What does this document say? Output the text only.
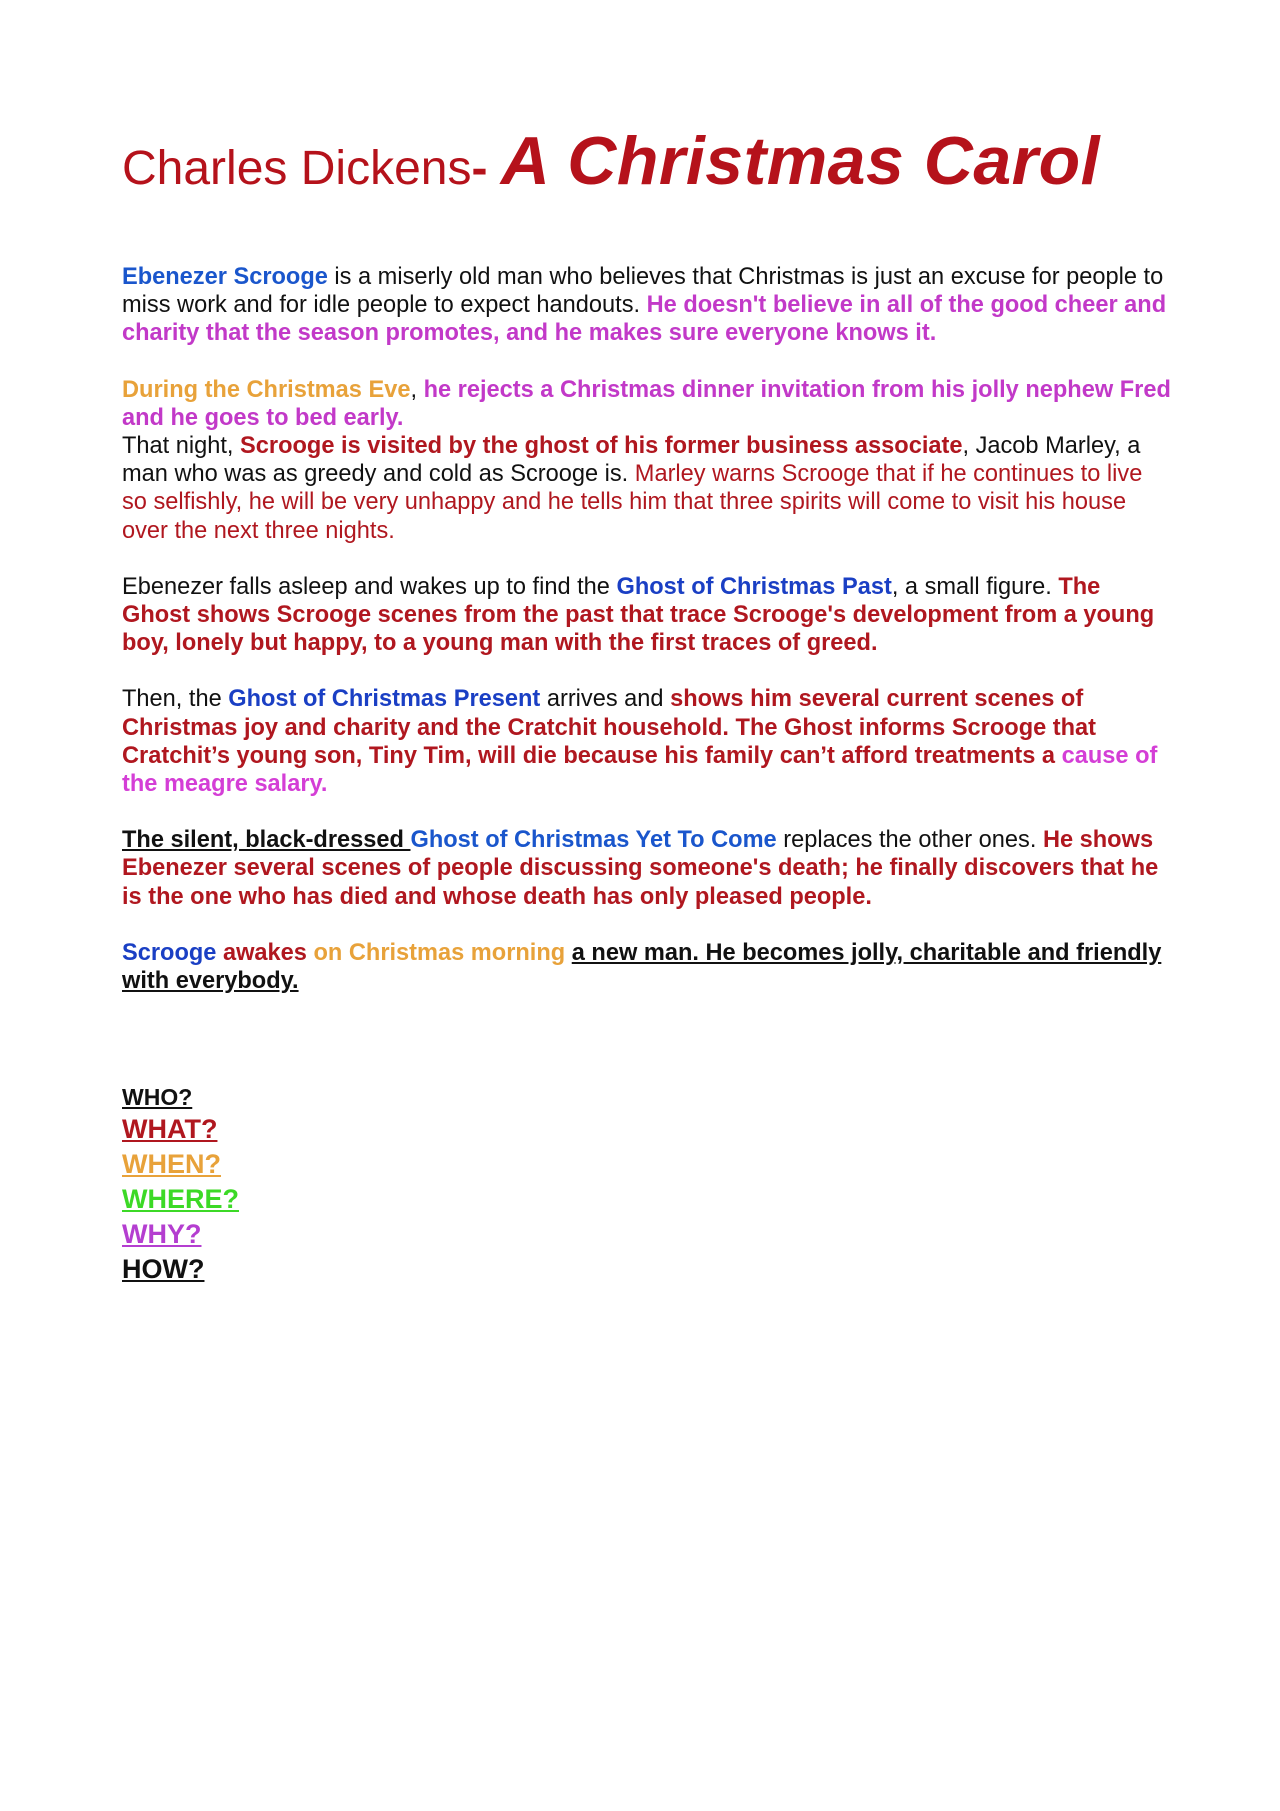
Charles Dickens- A Christmas Carol

Ebenezer Scrooge is a miserly old man who believes that Christmas is just an excuse for people to miss work and for idle people to expect handouts. He doesn't believe in all of the good cheer and charity that the season promotes, and he makes sure everyone knows it.

During the Christmas Eve, he rejects a Christmas dinner invitation from his jolly nephew Fred and he goes to bed early.

That night, Scrooge is visited by the ghost of his former business associate, Jacob Marley, a man who was as greedy and cold as Scrooge is. Marley warns Scrooge that if he continues to live so selfishly, he will be very unhappy and he tells him that three spirits will come to visit his house over the next three nights.

Ebenezer falls asleep and wakes up to find the Ghost of Christmas Past, a small figure. The Ghost shows Scrooge scenes from the past that trace Scrooge's development from a young boy, lonely but happy, to a young man with the first traces of greed.

Then, the Ghost of Christmas Present arrives and shows him several current scenes of Christmas joy and charity and the Cratchit household. The Ghost informs Scrooge that Cratchit’s young son, Tiny Tim, will die because his family can’t afford treatments a cause of the meagre salary.

The silent, black-dressed Ghost of Christmas Yet To Come replaces the other ones. He shows Ebenezer several scenes of people discussing someone's death; he finally discovers that he is the one who has died and whose death has only pleased people.

Scrooge awakes on Christmas morning a new man. He becomes jolly, charitable and friendly with everybody.

WHO?
WHAT?
WHEN?
WHERE?
WHY?
HOW?
